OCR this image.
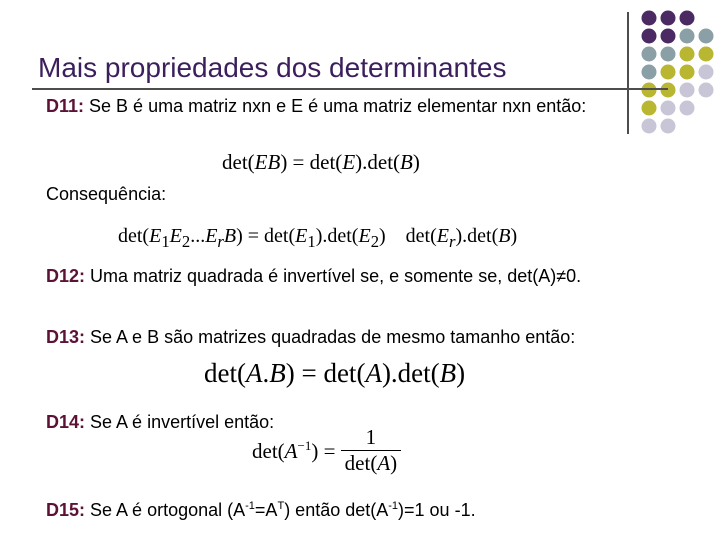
Mais propriedades dos determinantes
D11: Se B é uma matriz nxn e E é uma matriz elementar nxn então:
det(EB) = det(E).det(B)
Consequência:
$\det(E_1E_2...E_rB) = \det(E_1).\det(E_2)$   $\det(E_r).\det(B)$
D12: Uma matriz quadrada é invertível se, e somente se, det(A)≠0.
D13: Se A e B são matrizes quadradas de mesmo tamanho então:
det(A.B) = det(A).det(B)
D14: Se A é invertível então:
$\det(A^{-1}) = \frac{1}{\det(A)}$
D15: Se A é ortogonal $(A^{-1}=A^T)$ então $\det(A^{-1})=1$ ou -1.
